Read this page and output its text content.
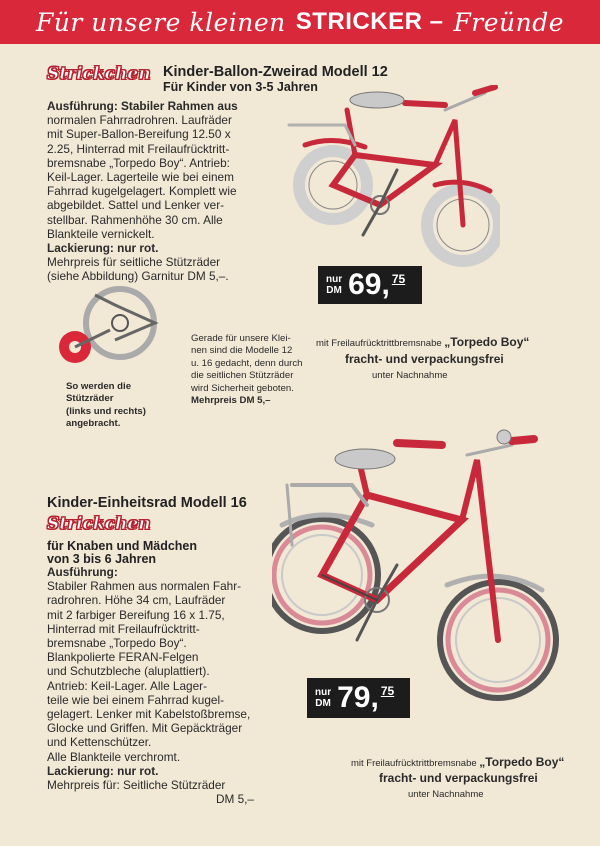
Für unsere kleinen STRICKER – Freünde
Strickchen Kinder-Ballon-Zweirad Modell 12
Für Kinder von 3-5 Jahren
Ausführung: Stabiler Rahmen aus
normalen Fahrradrohren. Laufräder
mit Super-Ballon-Bereifung 12.50 x
2.25, Hinterrad mit Freilaufrücktritt-
bremsnabe „Torpedo Boy“. Antrieb:
Keil-Lager. Lagerteile wie bei einem
Fahrrad kugelgelagert. Komplett wie
abgebildet. Sattel und Lenker ver-
stellbar. Rahmenhöhe 30 cm. Alle
Blankteile vernickelt.
Lackierung: nur rot.
Mehrpreis für seitliche Stützräder
(siehe Abbildung) Garnitur DM 5,–.	nur
DM 69, 75
So werden die
Stützräder
(links und rechts)
angebracht.
Gerade für unsere Klei-
nen sind die Modelle 12
u. 16 gedacht, denn durch
die seitlichen Stützräder
wird Sicherheit geboten.
Mehrpreis DM 5,–
mit Freilaufrücktrittbremsnabe „Torpedo Boy“
fracht- und verpackungsfrei
unter Nachnahme
Kinder-Einheitsrad Modell 16
Strickchen
für Knaben und Mädchen
von 3 bis 6 Jahren
Ausführung:
Stabiler Rahmen aus normalen Fahr-
radrohren. Höhe 34 cm, Laufräder
mit 2 farbiger Bereifung 16 x 1.75,
Hinterrad mit Freilaufrücktritt-
bremsnabe „Torpedo Boy“.
Blankpolierte FERAN-Felgen
und Schutzbleche (aluplattiert).
Antrieb: Keil-Lager. Alle Lager-
teile wie bei einem Fahrrad kugel-
gelagert. Lenker mit Kabelstoßbremse,
Glocke und Griffen. Mit Gepäckträger
und Kettenschützer.
Alle Blankteile verchromt.
Lackierung: nur rot.
Mehrpreis für: Seitliche Stützräder
DM 5,–
nur
DM 79, 75
mit Freilaufrücktrittbremsnabe „Torpedo Boy“
fracht- und verpackungsfrei
unter Nachnahme
